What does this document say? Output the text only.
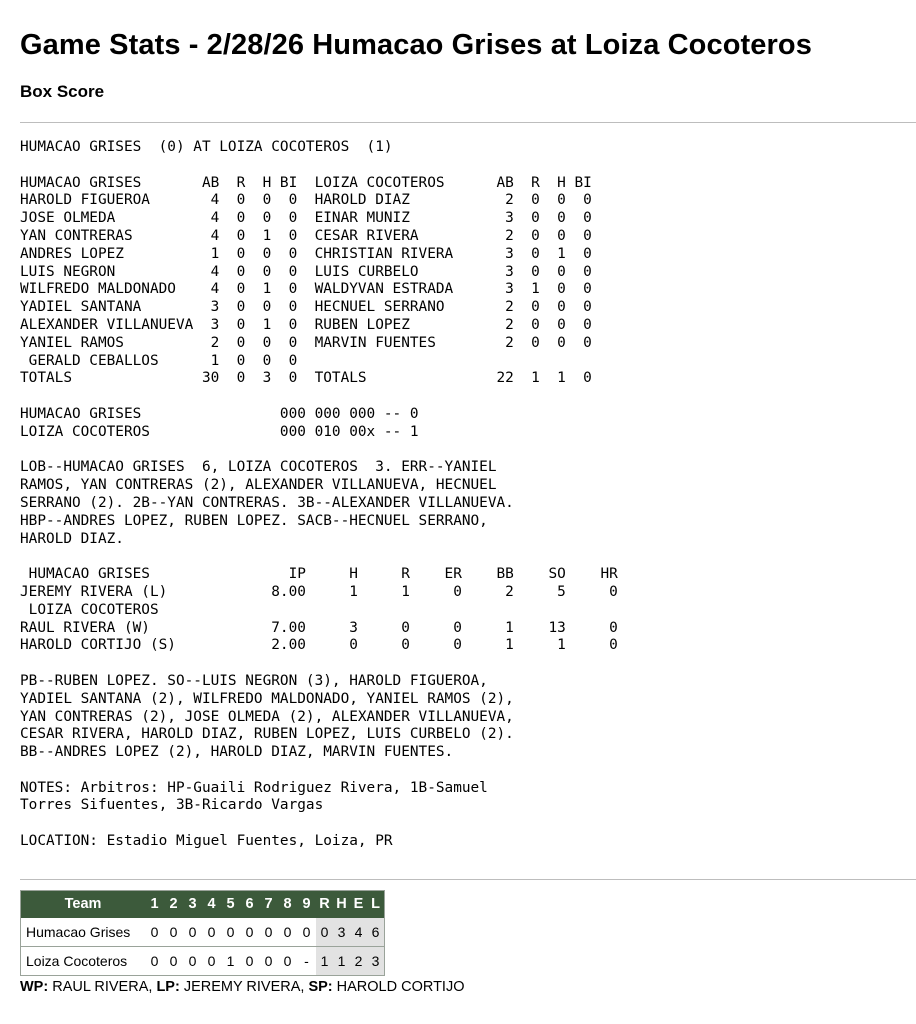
Game Stats - 2/28/26 Humacao Grises at Loiza Cocoteros
Box Score
HUMACAO GRISES  (0) AT LOIZA COCOTEROS  (1)

HUMACAO GRISES       AB  R  H BI  LOIZA COCOTEROS      AB  R  H BI
HAROLD FIGUEROA       4  0  0  0  HAROLD DIAZ           2  0  0  0
JOSE OLMEDA           4  0  0  0  EINAR MUNIZ           3  0  0  0
YAN CONTRERAS         4  0  1  0  CESAR RIVERA          2  0  0  0
ANDRES LOPEZ          1  0  0  0  CHRISTIAN RIVERA      3  0  1  0
LUIS NEGRON           4  0  0  0  LUIS CURBELO          3  0  0  0
WILFREDO MALDONADO    4  0  1  0  WALDYVAN ESTRADA      3  1  0  0
YADIEL SANTANA        3  0  0  0  HECNUEL SERRANO       2  0  0  0
ALEXANDER VILLANUEVA  3  0  1  0  RUBEN LOPEZ           2  0  0  0
YANIEL RAMOS          2  0  0  0  MARVIN FUENTES        2  0  0  0
GERALD CEBALLOS      1  0  0  0
TOTALS               30  0  3  0  TOTALS               22  1  1  0

HUMACAO GRISES                000 000 000 -- 0
LOIZA COCOTEROS               000 010 00x -- 1

LOB--HUMACAO GRISES  6, LOIZA COCOTEROS  3. ERR--YANIEL
RAMOS, YAN CONTRERAS (2), ALEXANDER VILLANUEVA, HECNUEL
SERRANO (2). 2B--YAN CONTRERAS. 3B--ALEXANDER VILLANUEVA.
HBP--ANDRES LOPEZ, RUBEN LOPEZ. SACB--HECNUEL SERRANO,
HAROLD DIAZ.

HUMACAO GRISES                IP     H     R    ER    BB    SO    HR
JEREMY RIVERA (L)            8.00     1     1     0     2     5     0
LOIZA COCOTEROS
RAUL RIVERA (W)              7.00     3     0     0     1    13     0
HAROLD CORTIJO (S)           2.00     0     0     0     1     1     0

PB--RUBEN LOPEZ. SO--LUIS NEGRON (3), HAROLD FIGUEROA,
YADIEL SANTANA (2), WILFREDO MALDONADO, YANIEL RAMOS (2),
YAN CONTRERAS (2), JOSE OLMEDA (2), ALEXANDER VILLANUEVA,
CESAR RIVERA, HAROLD DIAZ, RUBEN LOPEZ, LUIS CURBELO (2).
BB--ANDRES LOPEZ (2), HAROLD DIAZ, MARVIN FUENTES.

NOTES: Arbitros: HP-Guaili Rodriguez Rivera, 1B-Samuel
Torres Sifuentes, 3B-Ricardo Vargas

LOCATION: Estadio Miguel Fuentes, Loiza, PR
Team	1	2	3	4	5	6	7	8	9	R	H	E	L
Humacao Grises	0	0	0	0	0	0	0	0	0	0	3	4	6
Loiza Cocoteros	0	0	0	0	1	0	0	0	-	1	1	2	3
WP: RAUL RIVERA, LP: JEREMY RIVERA, SP: HAROLD CORTIJO
